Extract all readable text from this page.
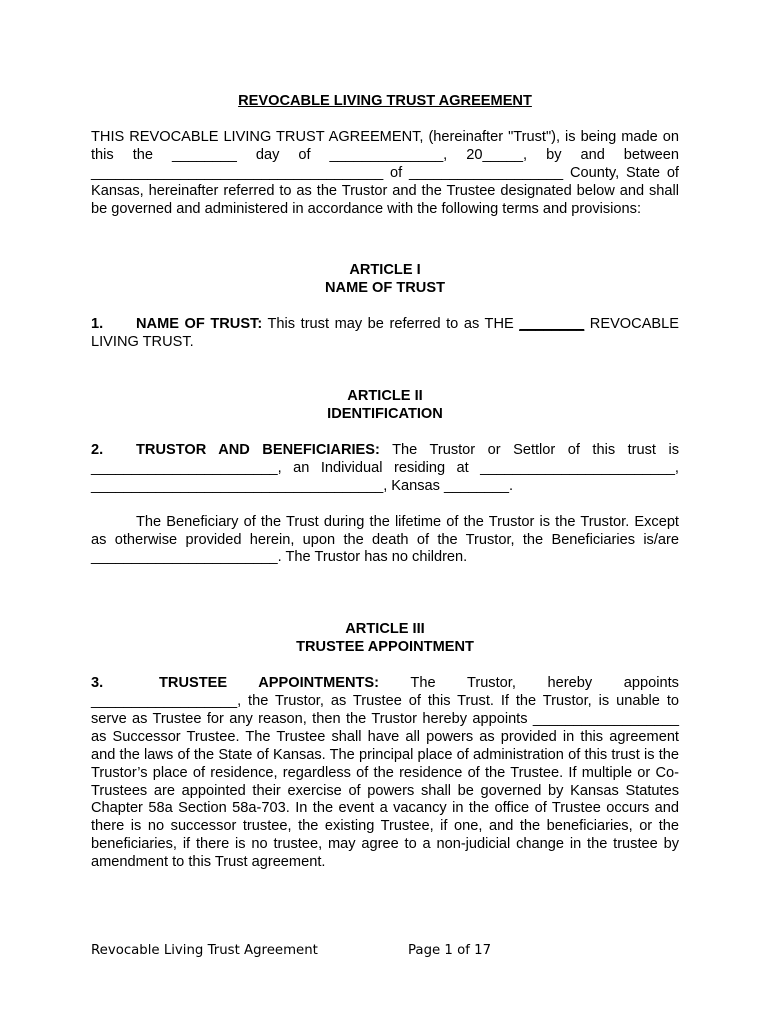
REVOCABLE LIVING TRUST AGREEMENT

THIS REVOCABLE LIVING TRUST AGREEMENT, (hereinafter "Trust"), is being made on this the ________ day of ______________, 20_____, by and between ____________________________________ of ___________________ County, State of Kansas, hereinafter referred to as the Trustor and the Trustee designated below and shall be governed and administered in accordance with the following terms and provisions:

ARTICLE I

NAME OF TRUST

1. NAME OF TRUST: This trust may be referred to as THE ________ REVOCABLE LIVING TRUST.

ARTICLE II

IDENTIFICATION

2. TRUSTOR AND BENEFICIARIES: The Trustor or Settlor of this trust is _______________________, an Individual residing at ________________________, ____________________________________, Kansas ________.

The Beneficiary of the Trust during the lifetime of the Trustor is the Trustor. Except as otherwise provided herein, upon the death of the Trustor, the Beneficiaries is/are _______________________. The Trustor has no children.

ARTICLE III

TRUSTEE APPOINTMENT

3.	TRUSTEE APPOINTMENTS: The Trustor, hereby appoints __________________, the Trustor, as Trustee of this Trust. If the Trustor, is unable to serve as Trustee for any reason, then the Trustor hereby appoints __________________ as Successor Trustee. The Trustee shall have all powers as provided in this agreement and the laws of the State of Kansas. The principal place of administration of this trust is the Trustor’s place of residence, regardless of the residence of the Trustee. If multiple or Co-Trustees are appointed their exercise of powers shall be governed by Kansas Statutes Chapter 58a Section 58a-703. In the event a vacancy in the office of Trustee occurs and there is no successor trustee, the existing Trustee, if one, and the beneficiaries, or the beneficiaries, if there is no trustee, may agree to a non-judicial change in the trustee by amendment to this Trust agreement.

Revocable Living Trust Agreement	Page 1 of 17
